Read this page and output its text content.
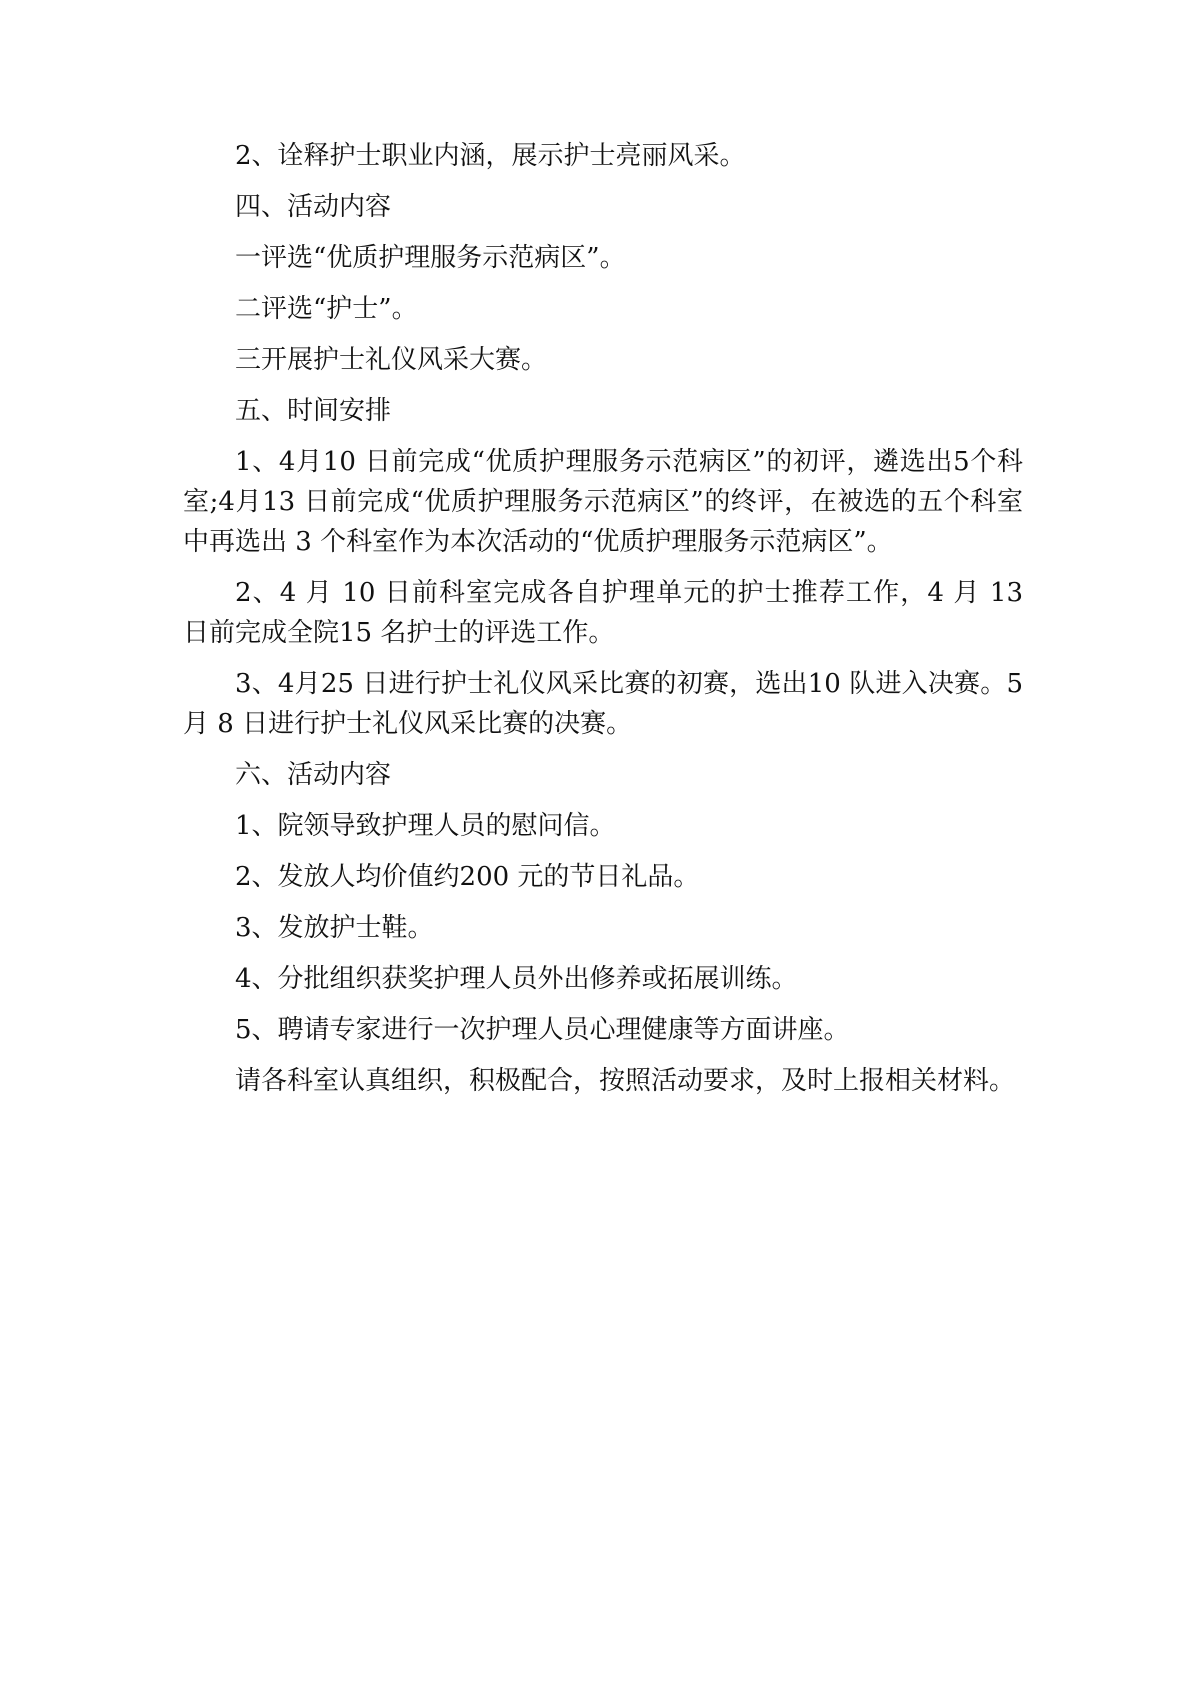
2、诠释护士职业内涵，展示护士亮丽风采。

四、活动内容

一评选“优质护理服务示范病区”。

二评选“护士”。

三开展护士礼仪风采大赛。

五、时间安排

1、4月10 日前完成“优质护理服务示范病区”的初评，遴选出5个科室;4月13 日前完成“优质护理服务示范病区”的终评，在被选的五个科室中再选出 3 个科室作为本次活动的“优质护理服务示范病区”。

2、4 月 10 日前科室完成各自护理单元的护士推荐工作，4 月 13 日前完成全院15 名护士的评选工作。

3、4月25 日进行护士礼仪风采比赛的初赛，选出10 队进入决赛。5 月 8 日进行护士礼仪风采比赛的决赛。

六、活动内容

1、院领导致护理人员的慰问信。

2、发放人均价值约200 元的节日礼品。

3、发放护士鞋。

4、分批组织获奖护理人员外出修养或拓展训练。

5、聘请专家进行一次护理人员心理健康等方面讲座。

请各科室认真组织，积极配合，按照活动要求，及时上报相关材料。
